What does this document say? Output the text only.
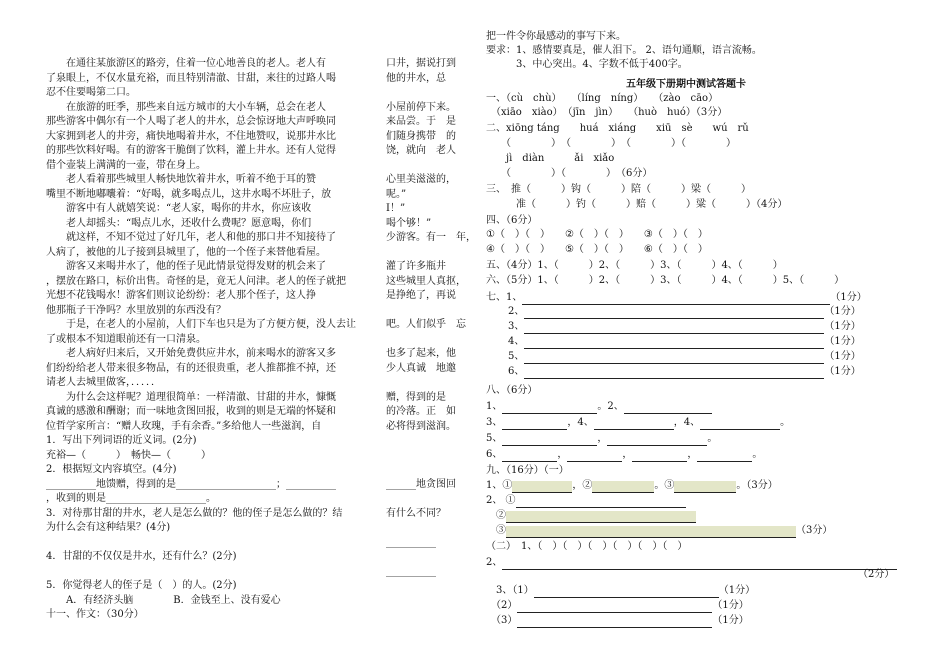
　　在通往某旅游区的路旁，住着一位心地善良的老人。老人有
了泉眼上，不仅水量充裕，而且特别清澈、甘甜，来往的过路人喝
忍不住要喝第二口。
　　在旅游的旺季，那些来自远方城市的大小车辆，总会在老人
那些游客中偶尔有一个人喝了老人的井水，总会惊讶地大声呼唤同
大家拥到老人的井旁，痛快地喝着井水，不住地赞叹，说那井水比
的那些饮料好喝。有的游客干脆倒了饮料，灌上井水。还有人觉得
借个壶装上满满的一壶，带在身上。
　　老人看着那些城里人畅快地饮着井水，听着不绝于耳的赞
嘴里不断地嘟囔着：“好喝，就多喝点儿，这井水喝不坏肚子，放
　　游客中有人就嬉笑说：“老人家，喝你的井水，你应该收
　　老人却摇头：“喝点儿水，还收什么费呢？愿意喝，你们
　　就这样，不知不觉过了好几年，老人和他的那口井不知接待了
人病了，被他的儿子接到县城里了，他的一个侄子来替他看屋。
　　游客又来喝井水了，他的侄子见此情景觉得发财的机会来了
，摆放在路口，标价出售。奇怪的是，竟无人问津。老人的侄子就把
光想不花钱喝水！游客们则议论纷纷：老人那个侄子，这人挣
他那瓶子干净吗？水里放别的东西没有？
　　于是，在老人的小屋前，人们下车也只是为了方便方便，没人去让
了或根本不知道眼前还有一口清泉。
　　老人病好归来后，又开始免费供应井水，前来喝水的游客又多
们纷纷给老人带来很多物品，有的还很贵重，老人推都推不掉，还
请老人去城里做客，．．．．．
　　为什么会这样呢？道理很简单：一样清澈、甘甜的井水，慷慨
真诚的感激和酬谢；而一味地贪图回报，收到的则是无端的怀疑和
位哲学家所言：“赠人玫瑰，手有余香。”多给他人一些滋润，自
1．写出下列词语的近义词。(2分)
充裕—（　　　）　畅快—（　　　）
2．根据短文内容填空。(4分)
__________地馈赠，得到的是____________________；__________
，收到的则是____________________。
3．对待那甘甜的井水，老人是怎么做的？他的侄子是怎么做的？结
为什么会有这种结果？(4分)
4．甘甜的不仅仅是井水，还有什么？(2分)
5．你觉得老人的侄子是（　）的人。(2分)
　　A．有经济头脑　　　　B．金钱至上、没有爱心
十一、作文：（30分）
口井，据说打到
他的井水，总
小屋前停下来。
来品尝。于　是
们随身携带　的
饶，就向　老人
心里美滋滋的，
呢。”
I！”
喝个够！”
少游客。有一　年，
灌了许多瓶井
这些城里人真抠，
是挣绝了，再说
吧。人们似乎　忘
也多了起来，他
少人真诚　地邀
赠，得到的是
的冷落。正　如
必将得到滋润。
______地贪图回
有什么不同？
__________
__________
把一件令你最感动的事写下来。
要求：1、感情要真是，催人泪下。 2、语句通顺，语言流畅。
　　　3、中心突出。4、字数不低于400字。
五年级下册期中测试答题卡
一、（cù　chù）　　（líng　níng）　　（zào　cāo）
　（xiāo　xiào）　（jīn　jìn）　　（huò　huó）（3分）
二、xiōng táng　　huá　xiáng　　xiū　sè　　wú　rǔ
　　（　　　　）　（　　　　）　（　　　　）（　　　　）
　　jì　diàn　　　ǎi　xiǎo
　　（　　　　）（　　　　）　（6分）
三、　推（　　　）钩（　　　）陪（　　　）梁（　　　）
　　　准（　　　）钓（　　　）赔（　　　）粱（　　　）（4分）
四、（6分）
①（　）（　）　　②（　）（　）　　③（　）（　）
④（　）（　）　　⑤（　）（　）　　⑥（　）（　）
五、（4分）1、（　　　）2、（　　　）3、（　　　）4、（　　　）
六、（5分）1、（　　　）2、（　　　）3、（　　　）4、（　　　）5、（　　　）
七、1、	（1分）
2、	（1分）
3、	（1分）
4、	（1分）
5、	（1分）
6、	（1分）
八、（6分）
1、	。2、
3、	，4、	，4、	。
5、	，	。
6、	，	，	，	。
九、（16分）（一）
1、①	，②	。③	。（3分）
2、 ①
　②
　③	（3分）
（二）　1、（　）（　）（　）（　）（　）（　）
2、
（2分）
　3、（1）	（1分）
　（2）	（1分）
　（3）	（1分）
